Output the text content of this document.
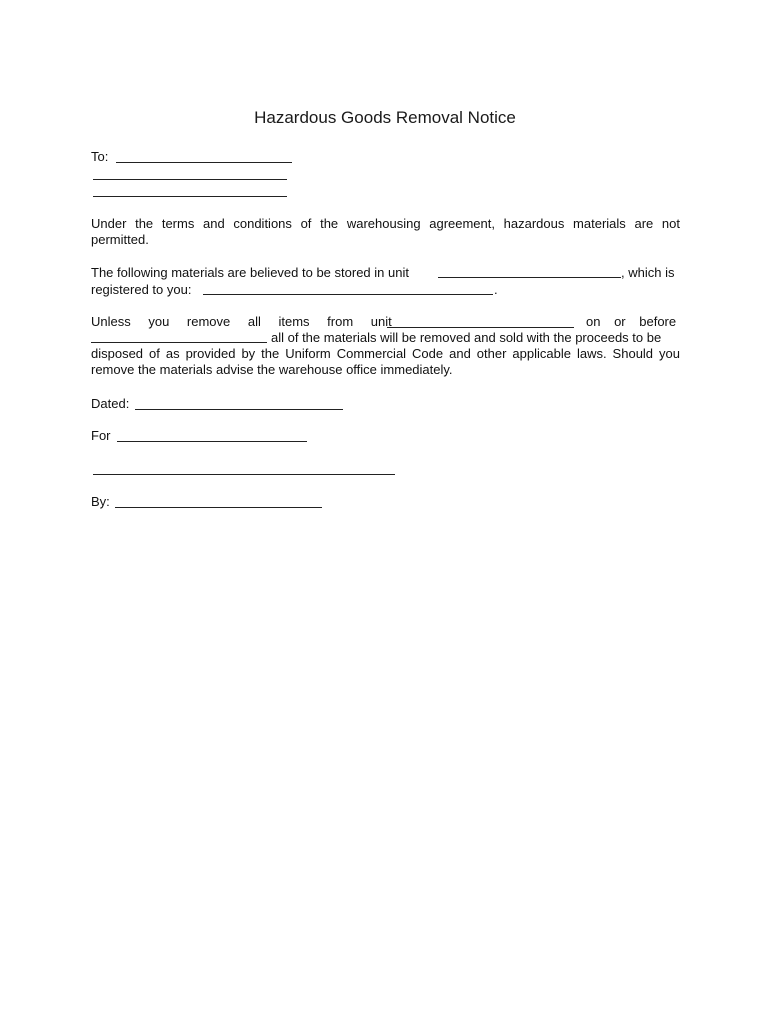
Hazardous Goods Removal Notice
To:
Under the terms and conditions of the warehousing agreement, hazardous materials are not
permitted.
The following materials are believed to be stored in unit	, which is
registered to you:	.
Unless you remove all items from unit	on or before
all of the materials will be removed and sold with the proceeds to be
disposed of as provided by the Uniform Commercial Code and other applicable laws. Should you
remove the materials advise the warehouse office immediately.
Dated:
For
By:
